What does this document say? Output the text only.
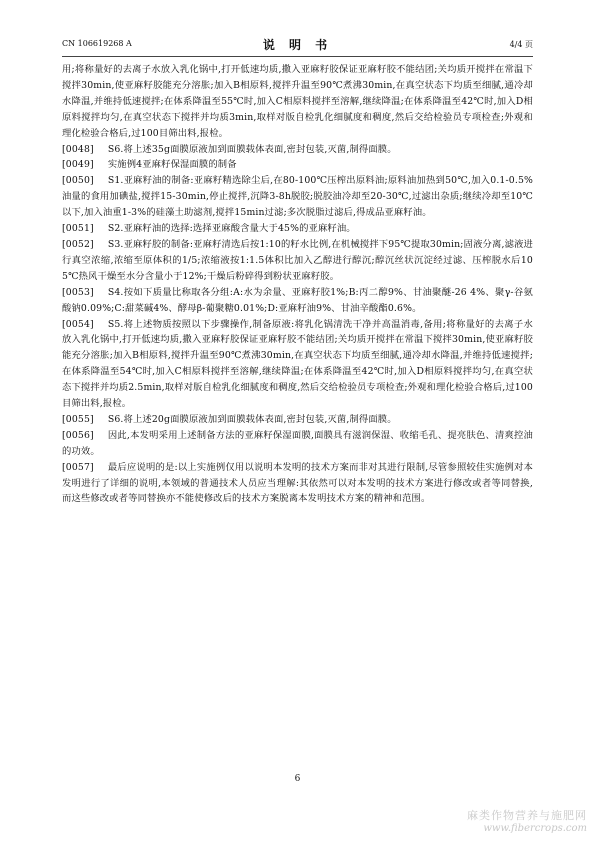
CN 106619268 A	说 明 书	4/4 页

用;将称量好的去离子水放入乳化锅中,打开低速均质,撒入亚麻籽胶保证亚麻籽胶不能结团;关均质开搅拌在常温下搅拌30min,使亚麻籽胶能充分溶胀;加入B相原料,搅拌升温至90℃煮沸30min,在真空状态下均质至细腻,通冷却水降温,并维持低速搅拌;在体系降温至55℃时,加入C相原料搅拌至溶解,继续降温;在体系降温至42℃时,加入D相原料搅拌均匀,在真空状态下搅拌并均质3min,取样对版自检乳化细腻度和稠度,然后交给检验员专项检查;外观和理化检验合格后,过100目筛出料,报检。

[0048] S6.将上述35g面膜原液加到面膜载体表面,密封包装,灭菌,制得面膜。

[0049] 实施例4亚麻籽保湿面膜的制备

[0050] S1.亚麻籽油的制备:亚麻籽精选除尘后,在80-100℃压榨出原料油;原料油加热到50℃,加入0.1-0.5%油量的食用加碘盐,搅拌15-30min,停止搅拌,沉降3-8h脱胶;脱胶油冷却至20-30℃,过滤出杂质;继续冷却至10℃以下,加入油重1-3%的硅藻土助滤剂,搅拌15min过滤;多次脱脂过滤后,得成品亚麻籽油。

[0051] S2.亚麻籽油的选择:选择亚麻酸含量大于45%的亚麻籽油。

[0052] S3.亚麻籽胶的制备:亚麻籽清选后按1:10的籽水比例,在机械搅拌下95℃提取30min;固液分离,滤液进行真空浓缩,浓缩至原体积的1/5;浓缩液按1:1.5体积比加入乙醇进行醇沉;醇沉丝状沉淀经过滤、压榨脱水后105℃热风干燥至水分含量小于12%;干燥后粉碎得到粉状亚麻籽胶。

[0053] S4.按如下质量比称取各分组:A:水为余量、亚麻籽胶1%;B:丙二醇9%、甘油聚醚-26 4%、聚γ-谷氨酸钠0.09%;C:甜菜碱4%、酵母β-葡聚糖0.01%;D:亚麻籽油9%、甘油辛酸酯0.6%。

[0054] S5.将上述物质按照以下步骤操作,制备原液:将乳化锅清洗干净并高温消毒,备用;将称量好的去离子水放入乳化锅中,打开低速均质,撒入亚麻籽胶保证亚麻籽胶不能结团;关均质开搅拌在常温下搅拌30min,使亚麻籽胶能充分溶胀;加入B相原料,搅拌升温至90℃煮沸30min,在真空状态下均质至细腻,通冷却水降温,并维持低速搅拌;在体系降温至54℃时,加入C相原料搅拌至溶解,继续降温;在体系降温至42℃时,加入D相原料搅拌均匀,在真空状态下搅拌并均质2.5min,取样对版自检乳化细腻度和稠度,然后交给检验员专项检查;外观和理化检验合格后,过100目筛出料,报检。

[0055] S6.将上述20g面膜原液加到面膜载体表面,密封包装,灭菌,制得面膜。

[0056] 因此,本发明采用上述制备方法的亚麻籽保湿面膜,面膜具有滋润保湿、收缩毛孔、提亮肤色、清爽控油的功效。

[0057] 最后应说明的是:以上实施例仅用以说明本发明的技术方案而非对其进行限制,尽管参照较佳实施例对本发明进行了详细的说明,本领域的普通技术人员应当理解:其依然可以对本发明的技术方案进行修改或者等同替换,而这些修改或者等同替换亦不能使修改后的技术方案脱离本发明技术方案的精神和范围。

6
麻类作物营养与施肥网
www.fibercrops.com
